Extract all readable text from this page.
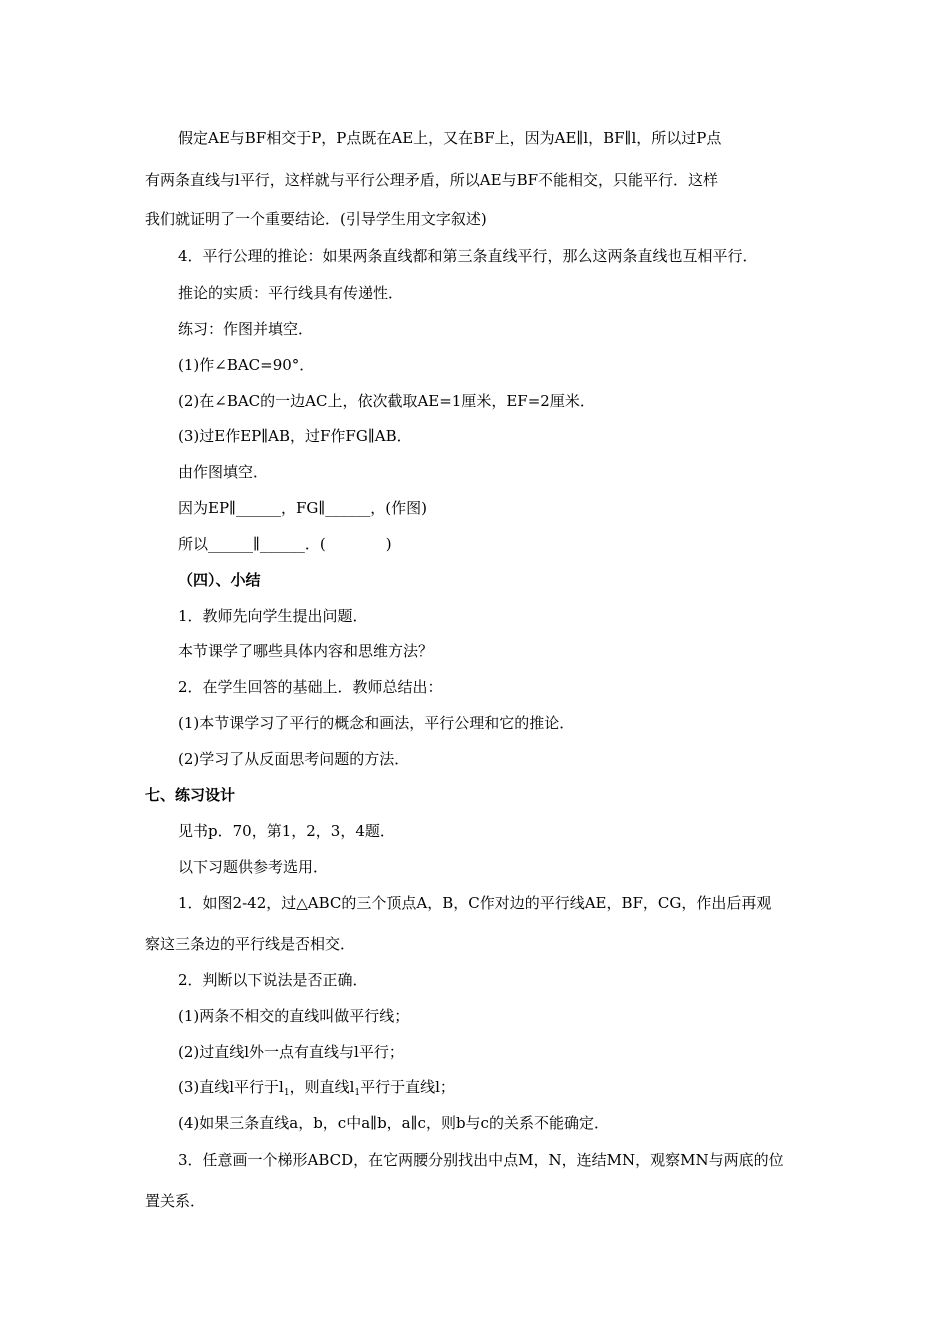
假定AE与BF相交于P，P点既在AE上，又在BF上，因为AE∥l，BF∥l，所以过P点
有两条直线与l平行，这样就与平行公理矛盾，所以AE与BF不能相交，只能平行．这样
我们就证明了一个重要结论．(引导学生用文字叙述)
4．平行公理的推论：如果两条直线都和第三条直线平行，那么这两条直线也互相平行．
推论的实质：平行线具有传递性．
练习：作图并填空．
(1)作∠BAC=90°．
(2)在∠BAC的一边AC上，依次截取AE=1厘米，EF=2厘米．
(3)过E作EP∥AB，过F作FG∥AB．
由作图填空．
因为EP∥______，FG∥______，(作图)
所以______∥______．(　　　　)
（四）、小结
1．教师先向学生提出问题．
本节课学了哪些具体内容和思维方法？
2．在学生回答的基础上．教师总结出：
(1)本节课学习了平行的概念和画法，平行公理和它的推论．
(2)学习了从反面思考问题的方法．
七、练习设计
见书p．70，第1，2，3，4题．
以下习题供参考选用．
1．如图2-42，过△ABC的三个顶点A，B，C作对边的平行线AE，BF，CG，作出后再观
察这三条边的平行线是否相交．
2．判断以下说法是否正确．
(1)两条不相交的直线叫做平行线；
(2)过直线l外一点有直线与l平行；
(3)直线l平行于$l_1$，则直线$l_1$平行于直线l；
(4)如果三条直线a，b，c中a∥b，a∥c，则b与c的关系不能确定．
3．任意画一个梯形ABCD，在它两腰分别找出中点M，N，连结MN，观察MN与两底的位
置关系．
